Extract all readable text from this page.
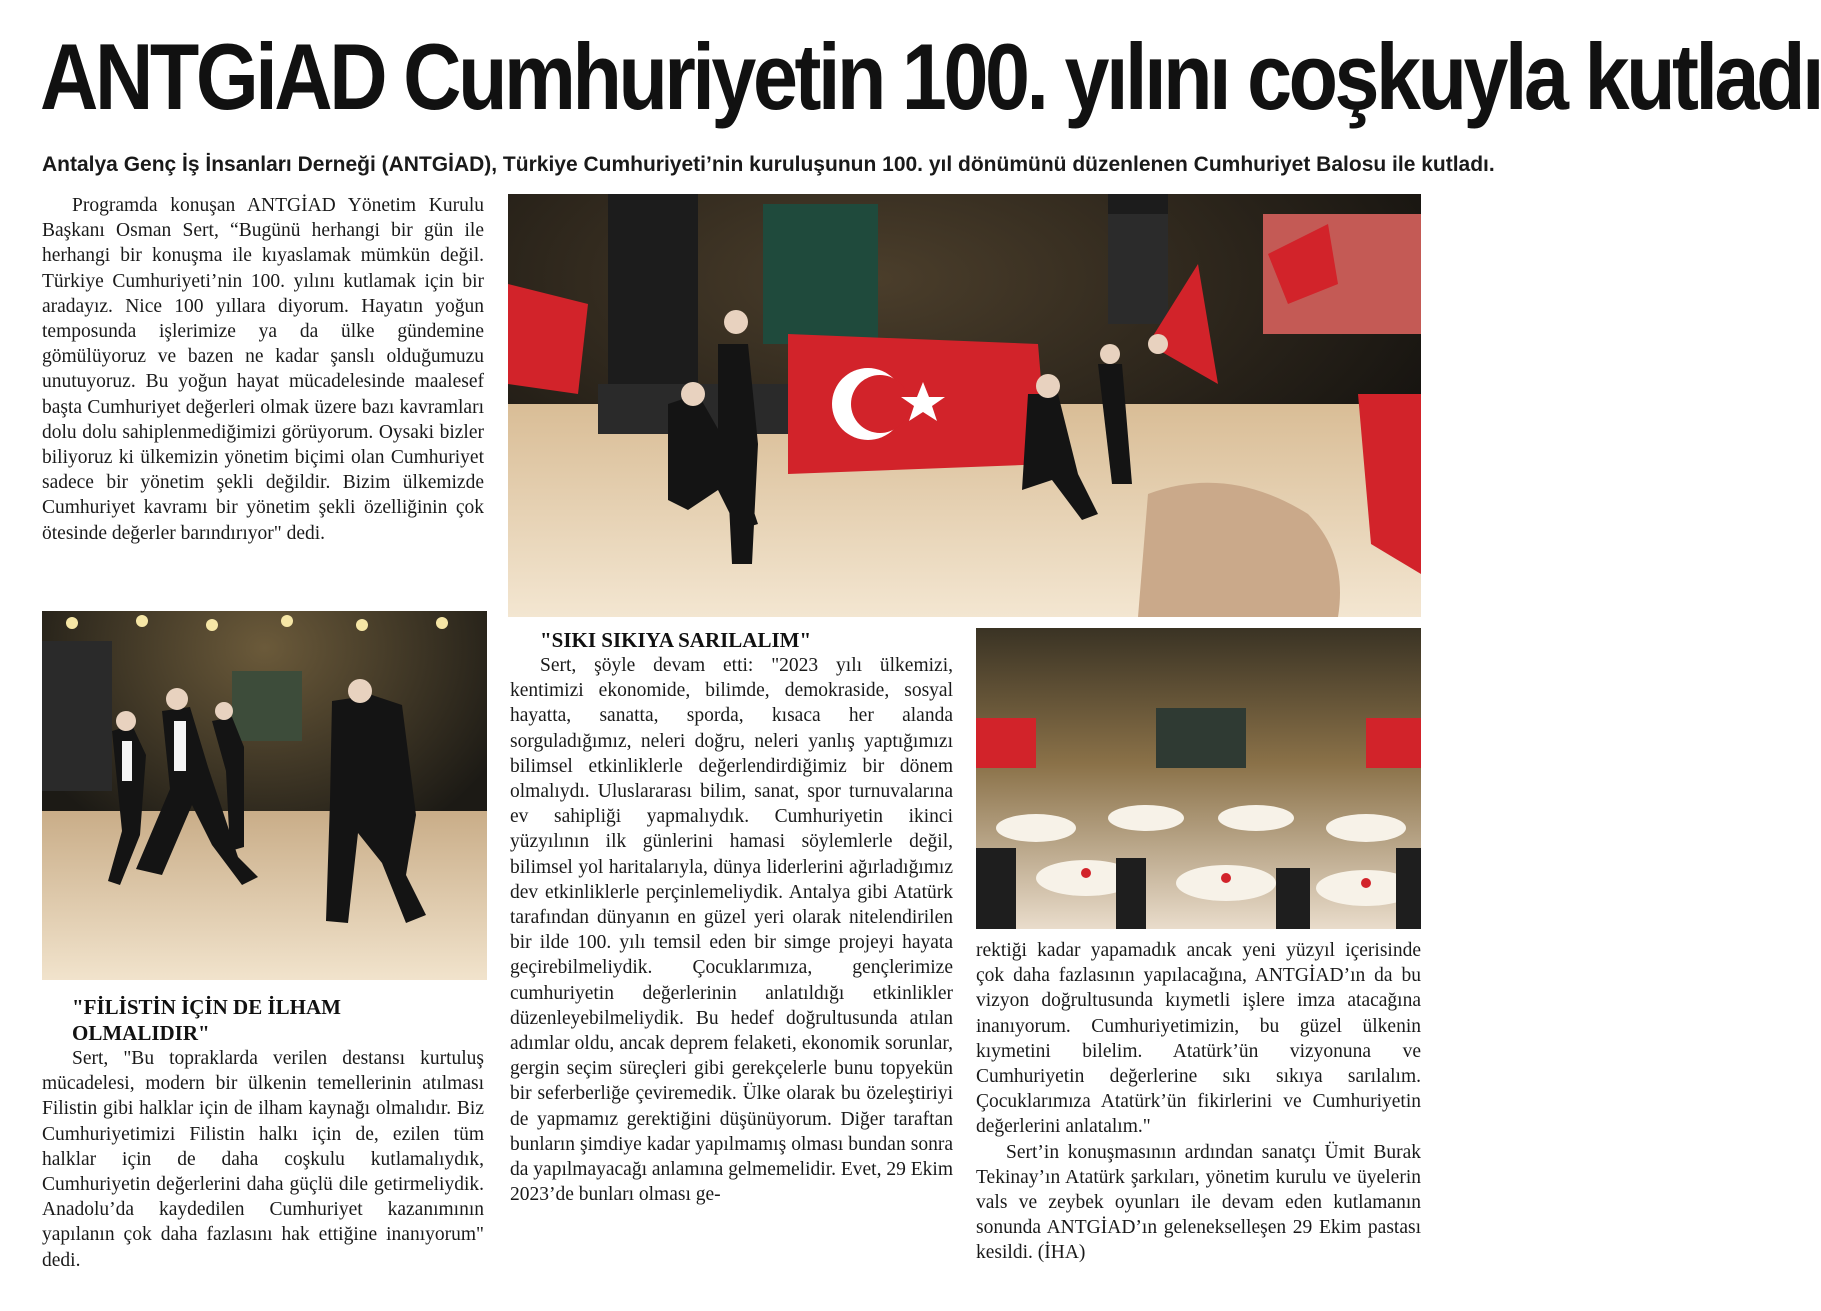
ANTGiAD Cumhuriyetin 100. yılını coşkuyla kutladı
Antalya Genç İş İnsanları Derneği (ANTGİAD), Türkiye Cumhuriyeti’nin kuruluşunun 100. yıl dönümünü düzenlenen Cumhuriyet Balosu ile kutladı.

Programda konuşan ANTGİAD Yönetim Kurulu Başkanı Osman Sert, “Bugünü herhangi bir gün ile herhangi bir konuşma ile kıyaslamak mümkün değil. Türkiye Cumhuriyeti’nin 100. yılını kutlamak için bir aradayız. Nice 100 yıllara diyorum. Hayatın yoğun temposunda işlerimize ya da ülke gündemine gömülüyoruz ve bazen ne kadar şanslı olduğumuzu unutuyoruz. Bu yoğun hayat mücadelesinde maalesef başta Cumhuriyet değerleri olmak üzere bazı kavramları dolu dolu sahiplenmediğimizi görüyorum. Oysaki bizler biliyoruz ki ülkemizin yönetim biçimi olan Cumhuriyet sadece bir yönetim şekli değildir. Bizim ülkemizde Cumhuriyet kavramı bir yönetim şekli özelliğinin çok ötesinde değerler barındırıyor" dedi.

"FİLİSTİN İÇİN DE İLHAM OLMALIDIR"

Sert, "Bu topraklarda verilen destansı kurtuluş mücadelesi, modern bir ülkenin temellerinin atılması Filistin gibi halklar için de ilham kaynağı olmalıdır. Biz Cumhuriyetimizi Filistin halkı için de, ezilen tüm halklar için de daha coşkulu kutlamalıydık, Cumhuriyetin değerlerini daha güçlü dile getirmeliydik. Anadolu’da kaydedilen Cumhuriyet kazanımının yapılanın çok daha fazlasını hak ettiğine inanıyorum" dedi.

"SIKI SIKIYA SARILALIM"

Sert, şöyle devam etti: "2023 yılı ülkemizi, kentimizi ekonomide, bilimde, demokraside, sosyal hayatta, sanatta, sporda, kısaca her alanda sorguladığımız, neleri doğru, neleri yanlış yaptığımızı bilimsel etkinliklerle değerlendirdiğimiz bir dönem olmalıydı. Uluslararası bilim, sanat, spor turnuvalarına ev sahipliği yapmalıydık. Cumhuriyetin ikinci yüzyılının ilk günlerini hamasi söylemlerle değil, bilimsel yol haritalarıyla, dünya liderlerini ağırladığımız dev etkinliklerle perçinlemeliydik. Antalya gibi Atatürk tarafından dünyanın en güzel yeri olarak nitelendirilen bir ilde 100. yılı temsil eden bir simge projeyi hayata geçirebilmeliydik. Çocuklarımıza, gençlerimize cumhuriyetin değerlerinin anlatıldığı etkinlikler düzenleyebilmeliydik. Bu hedef doğrultusunda atılan adımlar oldu, ancak deprem felaketi, ekonomik sorunlar, gergin seçim süreçleri gibi gerekçelerle bunu topyekün bir seferberliğe çeviremedik. Ülke olarak bu özeleştiriyi de yapmamız gerektiğini düşünüyorum. Diğer taraftan bunların şimdiye kadar yapılmamış olması bundan sonra da yapılmayacağı anlamına gelmemelidir. Evet, 29 Ekim 2023’de bunları olması ge-

rektiği kadar yapamadık ancak yeni yüzyıl içerisinde çok daha fazlasının yapılacağına, ANTGİAD’ın da bu vizyon doğrultusunda kıymetli işlere imza atacağına inanıyorum. Cumhuriyetimizin, bu güzel ülkenin kıymetini bilelim. Atatürk’ün vizyonuna ve Cumhuriyetin değerlerine sıkı sıkıya sarılalım. Çocuklarımıza Atatürk’ün fikirlerini ve Cumhuriyetin değerlerini anlatalım."

Sert’in konuşmasının ardından sanatçı Ümit Burak Tekinay’ın Atatürk şarkıları, yönetim kurulu ve üyelerin vals ve zeybek oyunları ile devam eden kutlamanın sonunda ANTGİAD’ın gelenekselleşen 29 Ekim pastası kesildi. (İHA)
